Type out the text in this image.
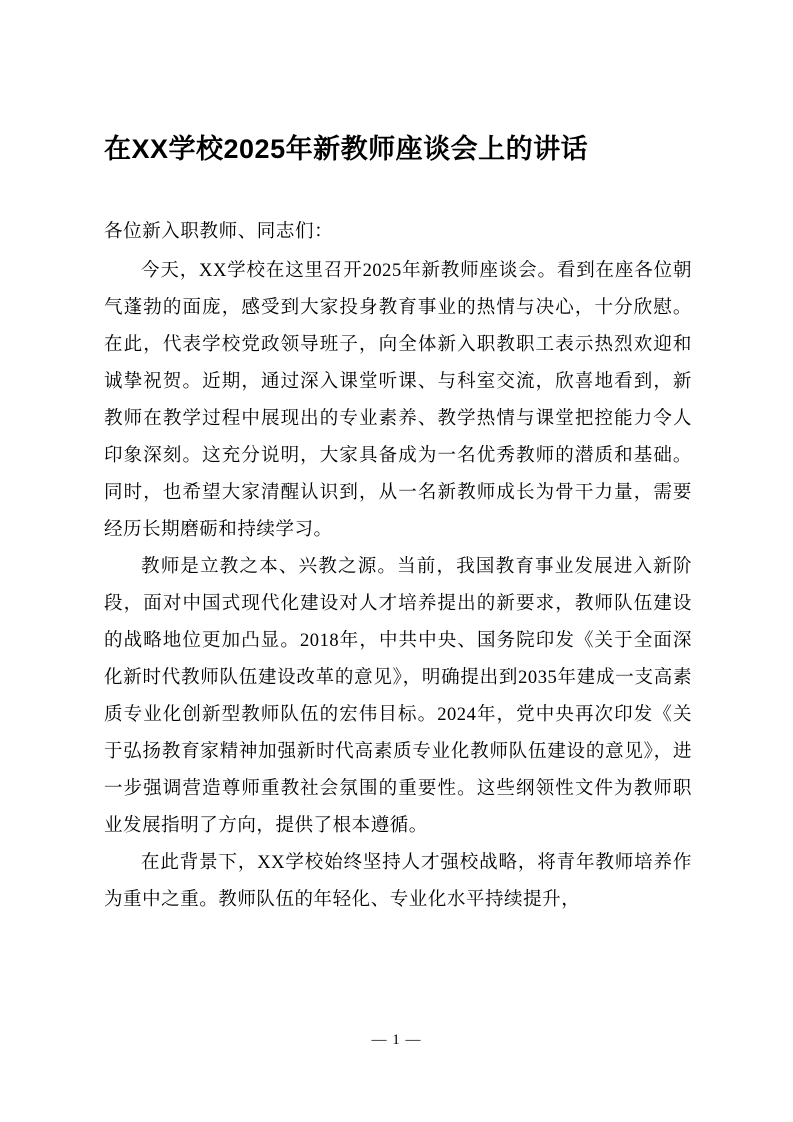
在XX学校2025年新教师座谈会上的讲话

各位新入职教师、同志们：

今天，XX学校在这里召开2025年新教师座谈会。看到在座各位朝气蓬勃的面庞，感受到大家投身教育事业的热情与决心，十分欣慰。在此，代表学校党政领导班子，向全体新入职教职工表示热烈欢迎和诚挚祝贺。近期，通过深入课堂听课、与科室交流，欣喜地看到，新教师在教学过程中展现出的专业素养、教学热情与课堂把控能力令人印象深刻。这充分说明，大家具备成为一名优秀教师的潜质和基础。同时，也希望大家清醒认识到，从一名新教师成长为骨干力量，需要经历长期磨砺和持续学习。

教师是立教之本、兴教之源。当前，我国教育事业发展进入新阶段，面对中国式现代化建设对人才培养提出的新要求，教师队伍建设的战略地位更加凸显。2018年，中共中央、国务院印发《关于全面深化新时代教师队伍建设改革的意见》，明确提出到2035年建成一支高素质专业化创新型教师队伍的宏伟目标。2024年，党中央再次印发《关于弘扬教育家精神加强新时代高素质专业化教师队伍建设的意见》，进一步强调营造尊师重教社会氛围的重要性。这些纲领性文件为教师职业发展指明了方向，提供了根本遵循。

在此背景下，XX学校始终坚持人才强校战略，将青年教师培养作为重中之重。教师队伍的年轻化、专业化水平持续提升，

— 1 —
